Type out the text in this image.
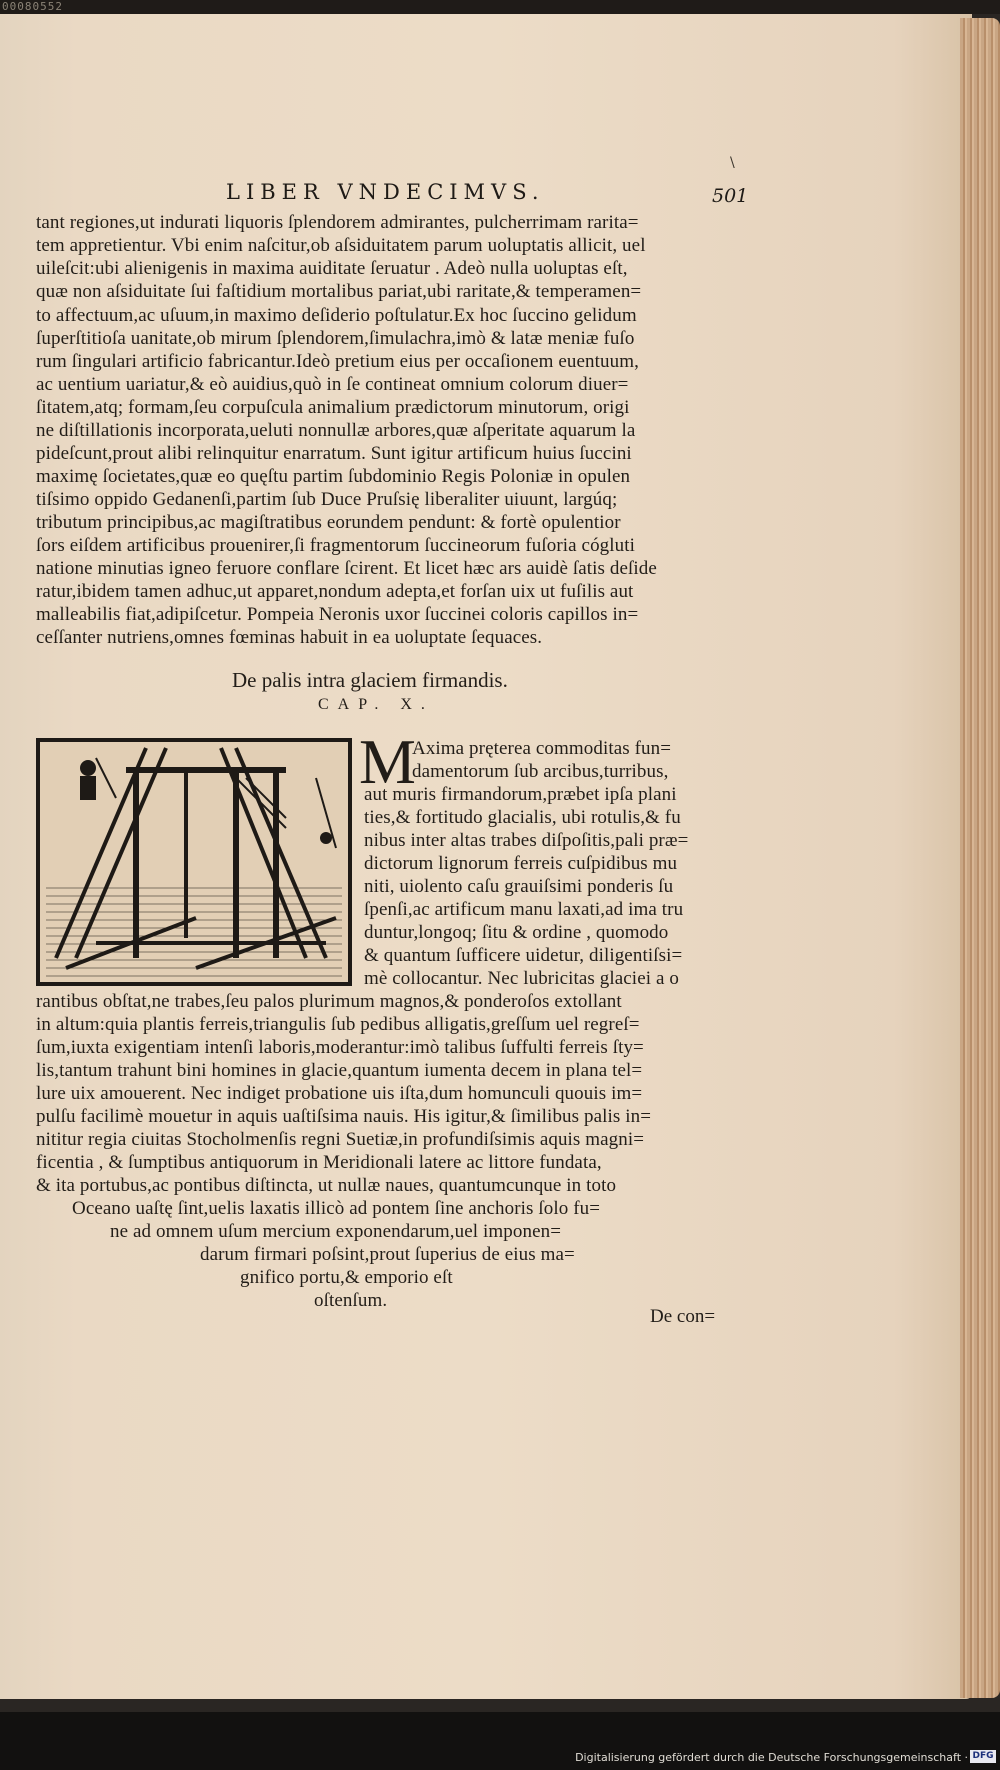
00080552
\
LIBER VNDECIMVS.	501
tant regiones,ut indurati liquoris ſplendorem admirantes, pulcherrimam rarita=
tem appretientur. Vbi enim naſcitur,ob aſsiduitatem parum uoluptatis allicit, uel
uileſcit:ubi alienigenis in maxima auiditate ſeruatur . Adeò nulla uoluptas eſt,
quæ non aſsiduitate ſui faſtidium mortalibus pariat,ubi raritate,& temperamen=
to affectuum,ac uſuum,in maximo deſiderio poſtulatur.Ex hoc ſuccino gelidum
ſuperſtitioſa uanitate,ob mirum ſplendorem,ſimulachra,imò & latæ meniæ fuſo
rum ſingulari artificio fabricantur.Ideò pretium eius per occaſionem euentuum,
ac uentium uariatur,& eò auidius,quò in ſe contineat omnium colorum diuer=
ſitatem,atq; formam,ſeu corpuſcula animalium prædictorum minutorum, origi
ne diſtillationis incorporata,ueluti nonnullæ arbores,quæ aſperitate aquarum la
pideſcunt,prout alibi relinquitur enarratum. Sunt igitur artificum huius ſuccini
maximę ſocietates,quæ eo quęſtu partim ſubdominio Regis Poloniæ in opulen
tiſsimo oppido Gedanenſi,partim ſub Duce Pruſsię liberaliter uiuunt, largúq;
tributum principibus,ac magiſtratibus eorundem pendunt: & fortè opulentior
ſors eiſdem artificibus prouenirer,ſi fragmentorum ſuccineorum fuſoria cógluti
natione minutias igneo feruore conflare ſcirent. Et licet hæc ars auidè ſatis deſide
ratur,ibidem tamen adhuc,ut apparet,nondum adepta,et forſan uix ut fuſilis aut
malleabilis fiat,adipiſcetur. Pompeia Neronis uxor ſuccinei coloris capillos in=
ceſſanter nutriens,omnes fœminas habuit in ea uoluptate ſequaces.
De palis intra glaciem firmandis.
CAP. X.
M
Axima pręterea commoditas fun=
damentorum ſub arcibus,turribus,
aut muris firmandorum,præbet ipſa plani
ties,& fortitudo glacialis, ubi rotulis,& fu
nibus inter altas trabes diſpoſitis,pali præ=
dictorum lignorum ferreis cuſpidibus mu
niti, uiolento caſu grauiſsimi ponderis ſu
ſpenſi,ac artificum manu laxati,ad ima tru
duntur,longoq; ſitu & ordine , quomodo
& quantum ſufficere uidetur, diligentiſsi=
mè collocantur. Nec lubricitas glaciei a o
rantibus obſtat,ne trabes,ſeu palos plurimum magnos,& ponderoſos extollant
in altum:quia plantis ferreis,triangulis ſub pedibus alligatis,greſſum uel regreſ=
ſum,iuxta exigentiam intenſi laboris,moderantur:imò talibus ſuffulti ferreis ſty=
lis,tantum trahunt bini homines in glacie,quantum iumenta decem in plana tel=
lure uix amouerent. Nec indiget probatione uis iſta,dum homunculi quouis im=
pulſu facilimè mouetur in aquis uaſtiſsima nauis. His igitur,& ſimilibus palis in=
nititur regia ciuitas Stocholmenſis regni Suetiæ,in profundiſsimis aquis magni=
ficentia , & ſumptibus antiquorum in Meridionali latere ac littore fundata,
& ita portubus,ac pontibus diſtincta, ut nullæ naues, quantumcunque in toto
Oceano uaſtę ſint,uelis laxatis illicò ad pontem ſine anchoris ſolo fu=
ne ad omnem uſum mercium exponendarum,uel imponen=
darum firmari poſsint,prout ſuperius de eius ma=
gnifico portu,& emporio eſt
oſtenſum.
De con=
Digitalisierung gefördert durch die Deutsche Forschungsgemeinschaft · DFG
